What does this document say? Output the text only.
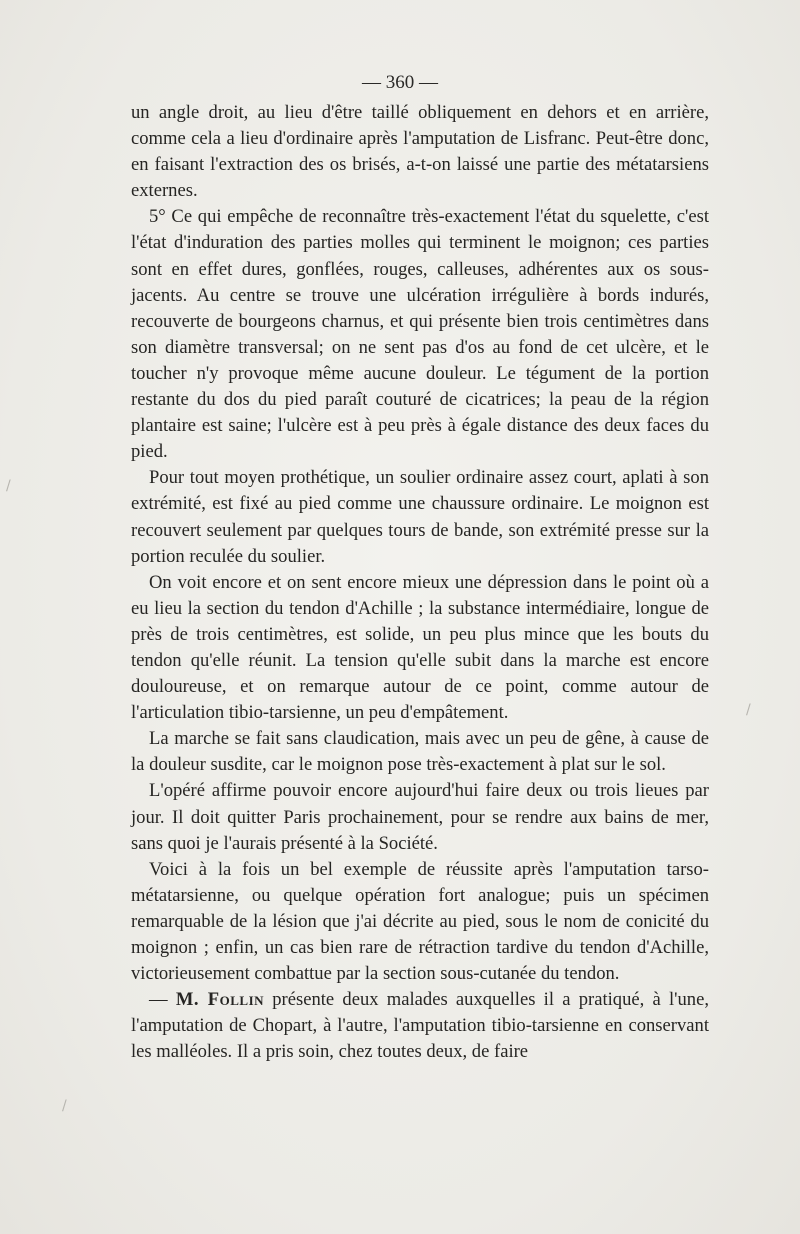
— 360 —

un angle droit, au lieu d'être taillé obliquement en dehors et en arrière, comme cela a lieu d'ordinaire après l'amputation de Lisfranc. Peut-être donc, en faisant l'extraction des os brisés, a-t-on laissé une partie des métatarsiens externes.

5° Ce qui empêche de reconnaître très-exactement l'état du squelette, c'est l'état d'induration des parties molles qui terminent le moignon; ces parties sont en effet dures, gonflées, rouges, calleuses, adhérentes aux os sous-jacents. Au centre se trouve une ulcération irrégulière à bords indurés, recouverte de bourgeons charnus, et qui présente bien trois centimètres dans son diamètre transversal; on ne sent pas d'os au fond de cet ulcère, et le toucher n'y provoque même aucune douleur. Le tégument de la portion restante du dos du pied paraît couturé de cicatrices; la peau de la région plantaire est saine; l'ulcère est à peu près à égale distance des deux faces du pied.

Pour tout moyen prothétique, un soulier ordinaire assez court, aplati à son extrémité, est fixé au pied comme une chaussure ordinaire. Le moignon est recouvert seulement par quelques tours de bande, son extrémité presse sur la portion reculée du soulier.

On voit encore et on sent encore mieux une dépression dans le point où a eu lieu la section du tendon d'Achille ; la substance intermédiaire, longue de près de trois centimètres, est solide, un peu plus mince que les bouts du tendon qu'elle réunit. La tension qu'elle subit dans la marche est encore douloureuse, et on remarque autour de ce point, comme autour de l'articulation tibio-tarsienne, un peu d'empâtement.

La marche se fait sans claudication, mais avec un peu de gêne, à cause de la douleur susdite, car le moignon pose très-exactement à plat sur le sol.

L'opéré affirme pouvoir encore aujourd'hui faire deux ou trois lieues par jour. Il doit quitter Paris prochainement, pour se rendre aux bains de mer, sans quoi je l'aurais présenté à la Société.

Voici à la fois un bel exemple de réussite après l'amputation tarso-métatarsienne, ou quelque opération fort analogue; puis un spécimen remarquable de la lésion que j'ai décrite au pied, sous le nom de conicité du moignon ; enfin, un cas bien rare de rétraction tardive du tendon d'Achille, victorieusement combattue par la section sous-cutanée du tendon.

— M. Follin présente deux malades auxquelles il a pratiqué, à l'une, l'amputation de Chopart, à l'autre, l'amputation tibio-tarsienne en conservant les malléoles. Il a pris soin, chez toutes deux, de faire

/
/
/
